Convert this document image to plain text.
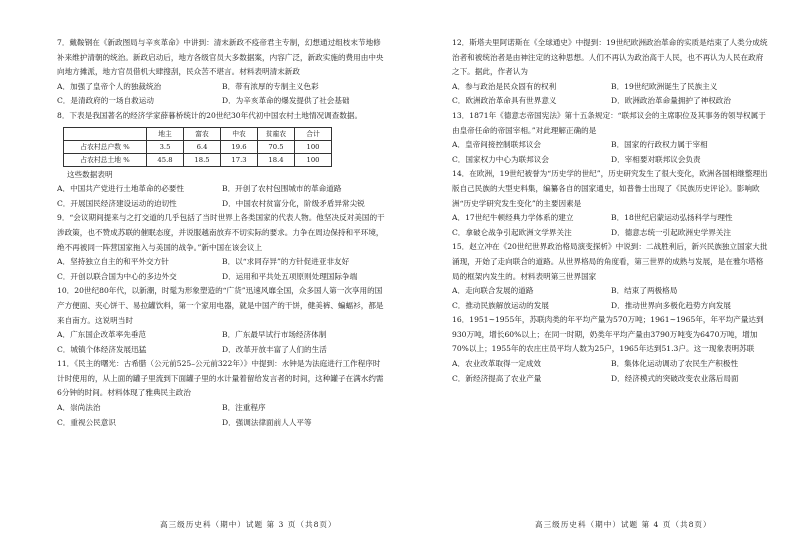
7．戴鞍钢在《新政图局与辛亥革命》中讲到：清末新政不疫帝君主专制，幻想通过组枝末节地修补来维护清朝的统治。新政启动后，地方各级官员大多数据案，内容广泛，新政实施的费用由中央向地方摊派，地方官员借机大肆搜刮，民众苦不堪言。材料表明清末新政
A．加强了皇帝个人的独裁统治	B．带有浓厚的专制主义色彩
C．是清政府的一场自救运动	D．为辛亥革命的爆发提供了社会基础
8．下表是我国著名的经济学家薛暮桥统计的20世纪30年代初中国农村土地情况调查数据。
	地主	富农	中农	贫雇农	合计
占农村总户数 %	3.5	6.4	19.6	70.5	100
占农村总土地 %	45.8	18.5	17.3	18.4	100
这些数据表明
A．中国共产党进行土地革命的必要性	B．开创了农村包围城市的革命道路
C．开展国民经济建设运动的迫切性	D．中国农村贫富分化，阶级矛盾异常尖锐
9．“会议期间提来与之打交道的几乎包括了当时世界上各类国家的代表人物。他坚决反对美国的干涉政策，也不赞成苏联的催眠态度，并说服越南放弃不切实际的要求。力争在周边保持和平环境，绝不再被同一阵营国家拖入与美国的战争。”新中国在该会议上
A．坚持独立自主的和平外交方针	B．以“求同存异”的方针促进亚非友好
C．开创以联合国为中心的多边外交	D．运用和平共处五项原则处理国际争端
10．20世纪80年代，以新潮，时髦为形象塑造的“广货”迅速风靡全国，众多国人第一次享用的国产方便面、夹心饼干、易拉罐饮料，第一个家用电器，就是中国产的干饼，健美裤、蝙蝠衫，都是来自南方。这说明当时
A．广东国企改革率先垂范	B．广东最早试行市场经济体制
C．城镇个体经济发展迅猛	D．改革开放丰富了人们的生活
11．《民主的曙光：古希腊（公元前525–公元前322年）》中提到：水钟是为法庭进行工作程序时计时使用的，从上面的罐子里流到下面罐子里的水计量着留给发言者的时间，这种罐子在满水约需6分钟的时间。材料体现了雅典民主政治
A．崇尚法治	B．注重程序
C．重视公民意识	D．强调法律面前人人平等
12．斯塔夫里阿诺斯在《全球通史》中提到：19世纪欧洲政治革命的实质是结束了人类分成统治者和被统治者是由神注定的这种思想。人们不再认为政治高于人民，也不再认为人民在政府之下。据此，作者认为
A．参与政治是民众固有的权利	B．19世纪欧洲诞生了民族主义
C．欧洲政治革命具有世界意义	D．欧洲政治革命量拥护了神权政治
13．1871年《德意志帝国宪法》第十五条规定：“联邦议会的主席职位及其事务的领导权属于由皇帝任命的帝国宰相。”对此理解正确的是
A．皇帝间接控制联邦议会	B．国家的行政权力属于宰相
C．国家权力中心为联邦议会	D．宰相要对联邦议会负责
14．在欧洲，19世纪被誉为“历史学的世纪”，历史研究发生了很大变化，欧洲各国相继整理出版自己民族的大型史料集，编纂各自的国家通史，如普鲁士出现了《民族历史评论》。影响欧洲“历史学研究发生变化”的主要因素是
A．17世纪牛顿经典力学体系的建立	B．18世纪启蒙运动弘扬科学与理性
C．拿破仑战争引起欧洲文学界关注	D．德意志统一引起欧洲史学界关注
15．赵立冲在《20世纪世界政治格局演变探析》中说到：二战胜利后，新兴民族独立国家大批涌现，开始了走向联合的道路。从世界格局的角度看，第三世界的成熟与发展，是在雅尔塔格局的框架内发生的。材料表明第三世界国家
A．走向联合发展的道路	B．结束了两极格局
C．推动民族解放运动的发展	D．推动世界向多极化趋势方向发展
16．1951~1955年，苏联肉类的年平均产量为570万吨；1961~1965年，年平均产量达到930万吨，增长60%以上；在同一时期，奶类年平均产量由3790万吨变为6470万吨，增加70%以上；1955年的农庄庄员平均人数为25户，1965年达到51.3户。这一现象表明苏联
A．农业改革取得一定成效	B．集体化运动调动了农民生产积极性
C．新经济提高了农业产量	D．经济模式的突破改变农业落后局面
高三级历史科（期中）试题 第 3 页（共8页）	高三级历史科（期中）试题 第 4 页（共8页）
